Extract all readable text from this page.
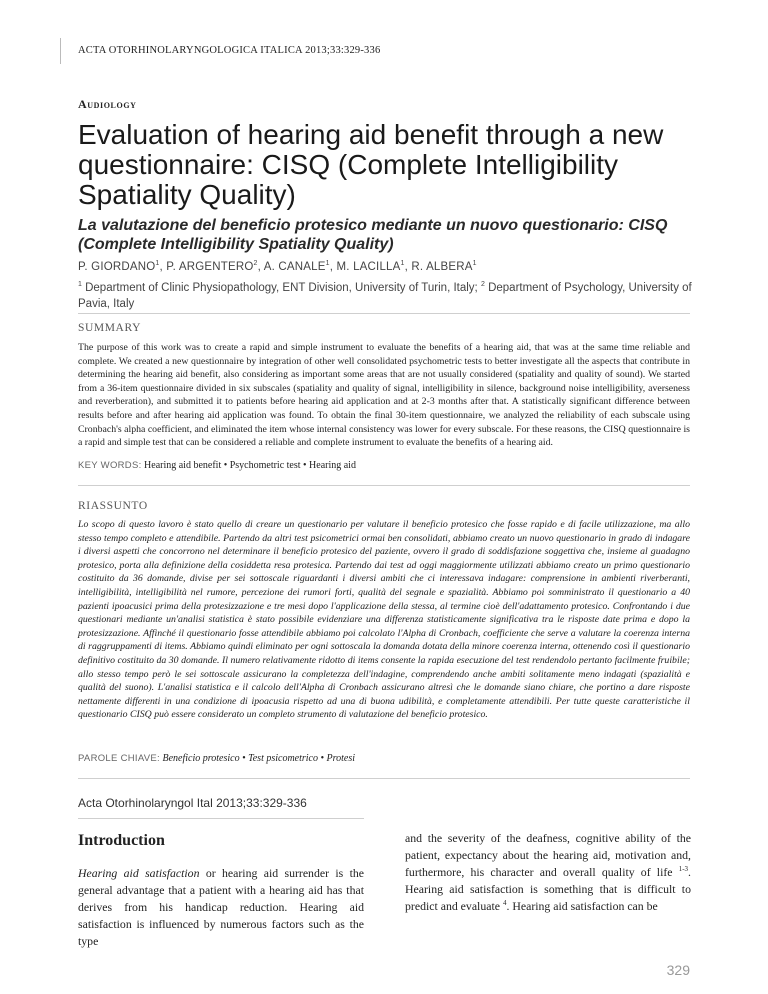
ACTA OTORHINOLARYNGOLOGICA ITALICA 2013;33:329-336
Audiology
Evaluation of hearing aid benefit through a new questionnaire: CISQ (Complete Intelligibility Spatiality Quality)
La valutazione del beneficio protesico mediante un nuovo questionario: CISQ (Complete Intelligibility Spatiality Quality)
P. GIORDANO$^1$, P. ARGENTERO$^2$, A. CANALE$^1$, M. LACILLA$^1$, R. ALBERA$^1$
$^1$ Department of Clinic Physiopathology, ENT Division, University of Turin, Italy; $^2$ Department of Psychology, University of Pavia, Italy
SUMMARY

The purpose of this work was to create a rapid and simple instrument to evaluate the benefits of a hearing aid, that was at the same time reliable and complete. We created a new questionnaire by integration of other well consolidated psychometric tests to better investigate all the aspects that contribute in determining the hearing aid benefit, also considering as important some areas that are not usually considered (spatiality and quality of sound). We started from a 36-item questionnaire divided in six subscales (spatiality and quality of signal, intelligibility in silence, background noise intelligibility, averseness and reverberation), and submitted it to patients before hearing aid application and at 2-3 months after that. A statistically significant difference between results before and after hearing aid application was found. To obtain the final 30-item questionnaire, we analyzed the reliability of each subscale using Cronbach's alpha coefficient, and eliminated the item whose internal consistency was lower for every subscale. For these reasons, the CISQ questionnaire is a rapid and simple test that can be considered a reliable and complete instrument to evaluate the benefits of a hearing aid.

KEY WORDS: Hearing aid benefit • Psychometric test • Hearing aid
RIASSUNTO

Lo scopo di questo lavoro è stato quello di creare un questionario per valutare il beneficio protesico che fosse rapido e di facile utilizzazione, ma allo stesso tempo completo e attendibile. Partendo da altri test psicometrici ormai ben consolidati, abbiamo creato un nuovo questionario in grado di indagare i diversi aspetti che concorrono nel determinare il beneficio protesico del paziente, ovvero il grado di soddisfazione soggettiva che, insieme al guadagno protesico, porta alla definizione della cosiddetta resa protesica. Partendo dai test ad oggi maggiormente utilizzati abbiamo creato un primo questionario costituito da 36 domande, divise per sei sottoscale riguardanti i diversi ambiti che ci interessava indagare: comprensione in ambienti riverberanti, intelligibilità, intelligibilità nel rumore, percezione dei rumori forti, qualità del segnale e spazialità. Abbiamo poi somministrato il questionario a 40 pazienti ipoacusici prima della protesizzazione e tre mesi dopo l'applicazione della stessa, al termine cioè dell'adattamento protesico. Confrontando i due questionari mediante un'analisi statistica è stato possibile evidenziare una differenza statisticamente significativa tra le risposte date prima e dopo la protesizzazione. Affinché il questionario fosse attendibile abbiamo poi calcolato l'Alpha di Cronbach, coefficiente che serve a valutare la coerenza interna di raggruppamenti di items. Abbiamo quindi eliminato per ogni sottoscala la domanda dotata della minore coerenza interna, ottenendo così il questionario definitivo costituito da 30 domande. Il numero relativamente ridotto di items consente la rapida esecuzione del test rendendolo pertanto facilmente fruibile; allo stesso tempo però le sei sottoscale assicurano la completezza dell'indagine, comprendendo anche ambiti solitamente meno indagati (spazialità e qualità del suono). L'analisi statistica e il calcolo dell'Alpha di Cronbach assicurano altresì che le domande siano chiare, che portino a dare risposte nettamente differenti in una condizione di ipoacusia rispetto ad una di buona udibilità, e completamente attendibili. Per tutte queste caratteristiche il questionario CISQ può essere considerato un completo strumento di valutazione del beneficio protesico.

PAROLE CHIAVE: Beneficio protesico • Test psicometrico • Protesi
Acta Otorhinolaryngol Ital 2013;33:329-336
Introduction

Hearing aid satisfaction or hearing aid surrender is the general advantage that a patient with a hearing aid has that derives from his handicap reduction. Hearing aid satisfaction is influenced by numerous factors such as the type

and the severity of the deafness, cognitive ability of the patient, expectancy about the hearing aid, motivation and, furthermore, his character and overall quality of life $^{1-3}$. Hearing aid satisfaction is something that is difficult to predict and evaluate $^4$. Hearing aid satisfaction can be

329
